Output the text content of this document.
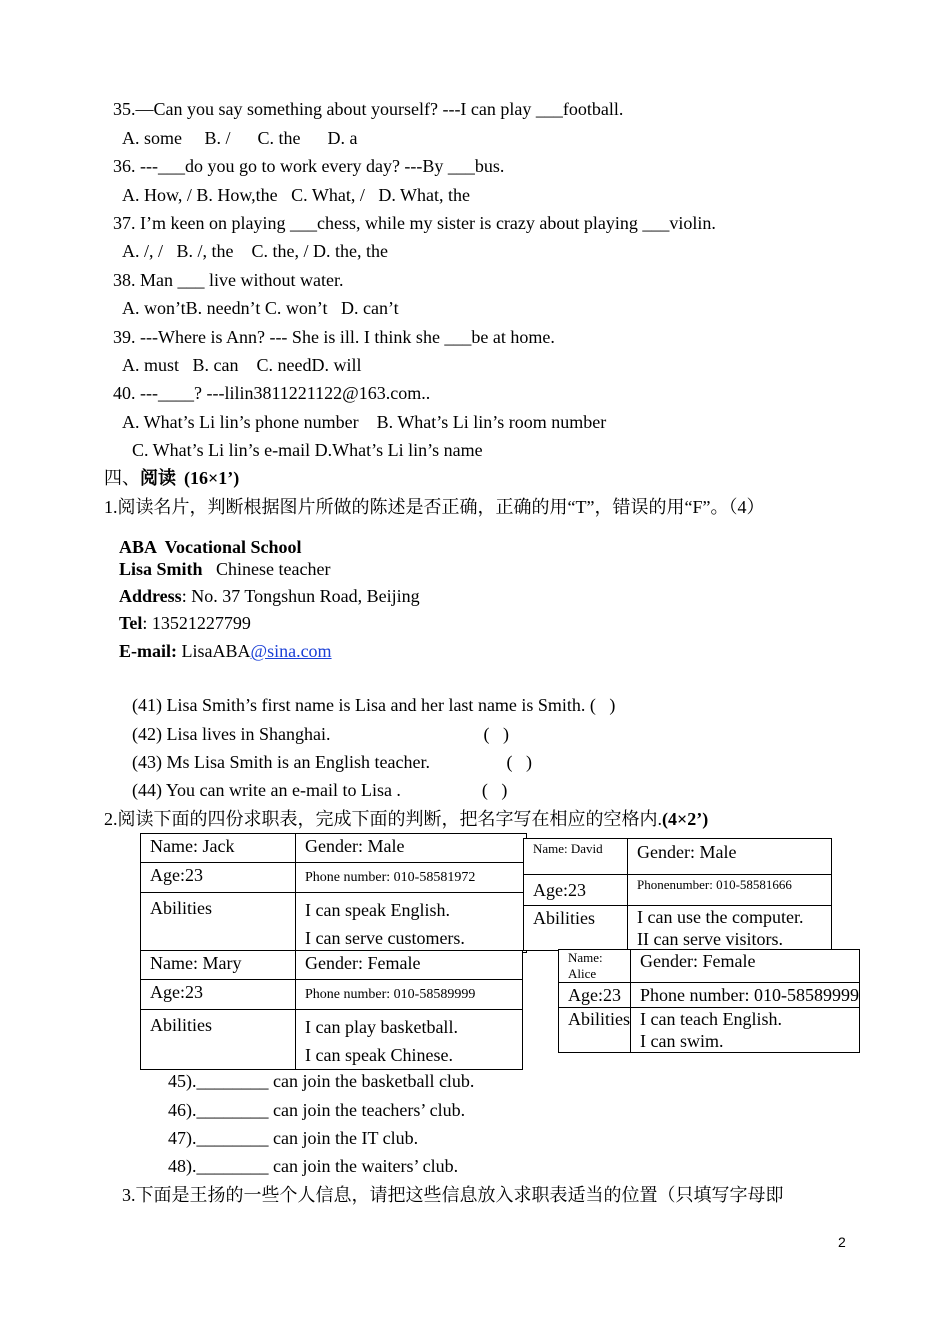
35.—Can you say something about yourself? ---I can play ___football.
A. some     B. /      C. the      D. a
36. ---___do you go to work every day? ---By ___bus.
A. How, / B. How,the   C. What, /   D. What, the
37. I’m keen on playing ___chess, while my sister is crazy about playing ___violin.
A. /, /   B. /, the    C. the, / D. the, the
38. Man ___ live without water.
A. won’tB. needn’t C. won’t   D. can’t
39. ---Where is Ann? --- She is ill. I think she ___be at home.
A. must   B. can    C. needD. will
40. ---____? ---lilin3811221122@163.com..
A. What’s Li lin’s phone number    B. What’s Li lin’s room number
C. What’s Li lin’s e-mail D.What’s Li lin’s name
四、阅读 (16×1’)
1.阅读名片，判断根据图片所做的陈述是否正确，正确的用“T”，错误的用“F”。（4）
ABA  Vocational School
Lisa Smith   Chinese teacher
Address: No. 37 Tongshun Road, Beijing
Tel: 13521227799
E-mail: LisaABA@sina.com
(41) Lisa Smith’s first name is Lisa and her last name is Smith. (   )
(42) Lisa lives in Shanghai.                                  (   )
(43) Ms Lisa Smith is an English teacher.                 (   )
(44) You can write an e-mail to Lisa .                  (   )
2.阅读下面的四份求职表，完成下面的判断，把名字写在相应的空格内.(4×2’)
Name: Jack	Gender: Male
Age:23	Phone number: 010-58581972
Abilities	I can speak English.
I can serve customers.
Name: Mary	Gender: Female
Age:23	Phone number: 010-58589999
Abilities	I can play basketball.
I can speak Chinese.
Name: David	Gender: Male
Age:23	Phonenumber: 010-58581666
Abilities	I can use the computer.
II can serve visitors.
Name: Alice	Gender: Female
Age:23	Phone number: 010-58589999
Abilities	I can teach English.
I can swim.
45).________ can join the basketball club.
46).________ can join the teachers’ club.
47).________ can join the IT club.
48).________ can join the waiters’ club.
3.下面是王扬的一些个人信息，请把这些信息放入求职表适当的位置（只填写字母即
2
